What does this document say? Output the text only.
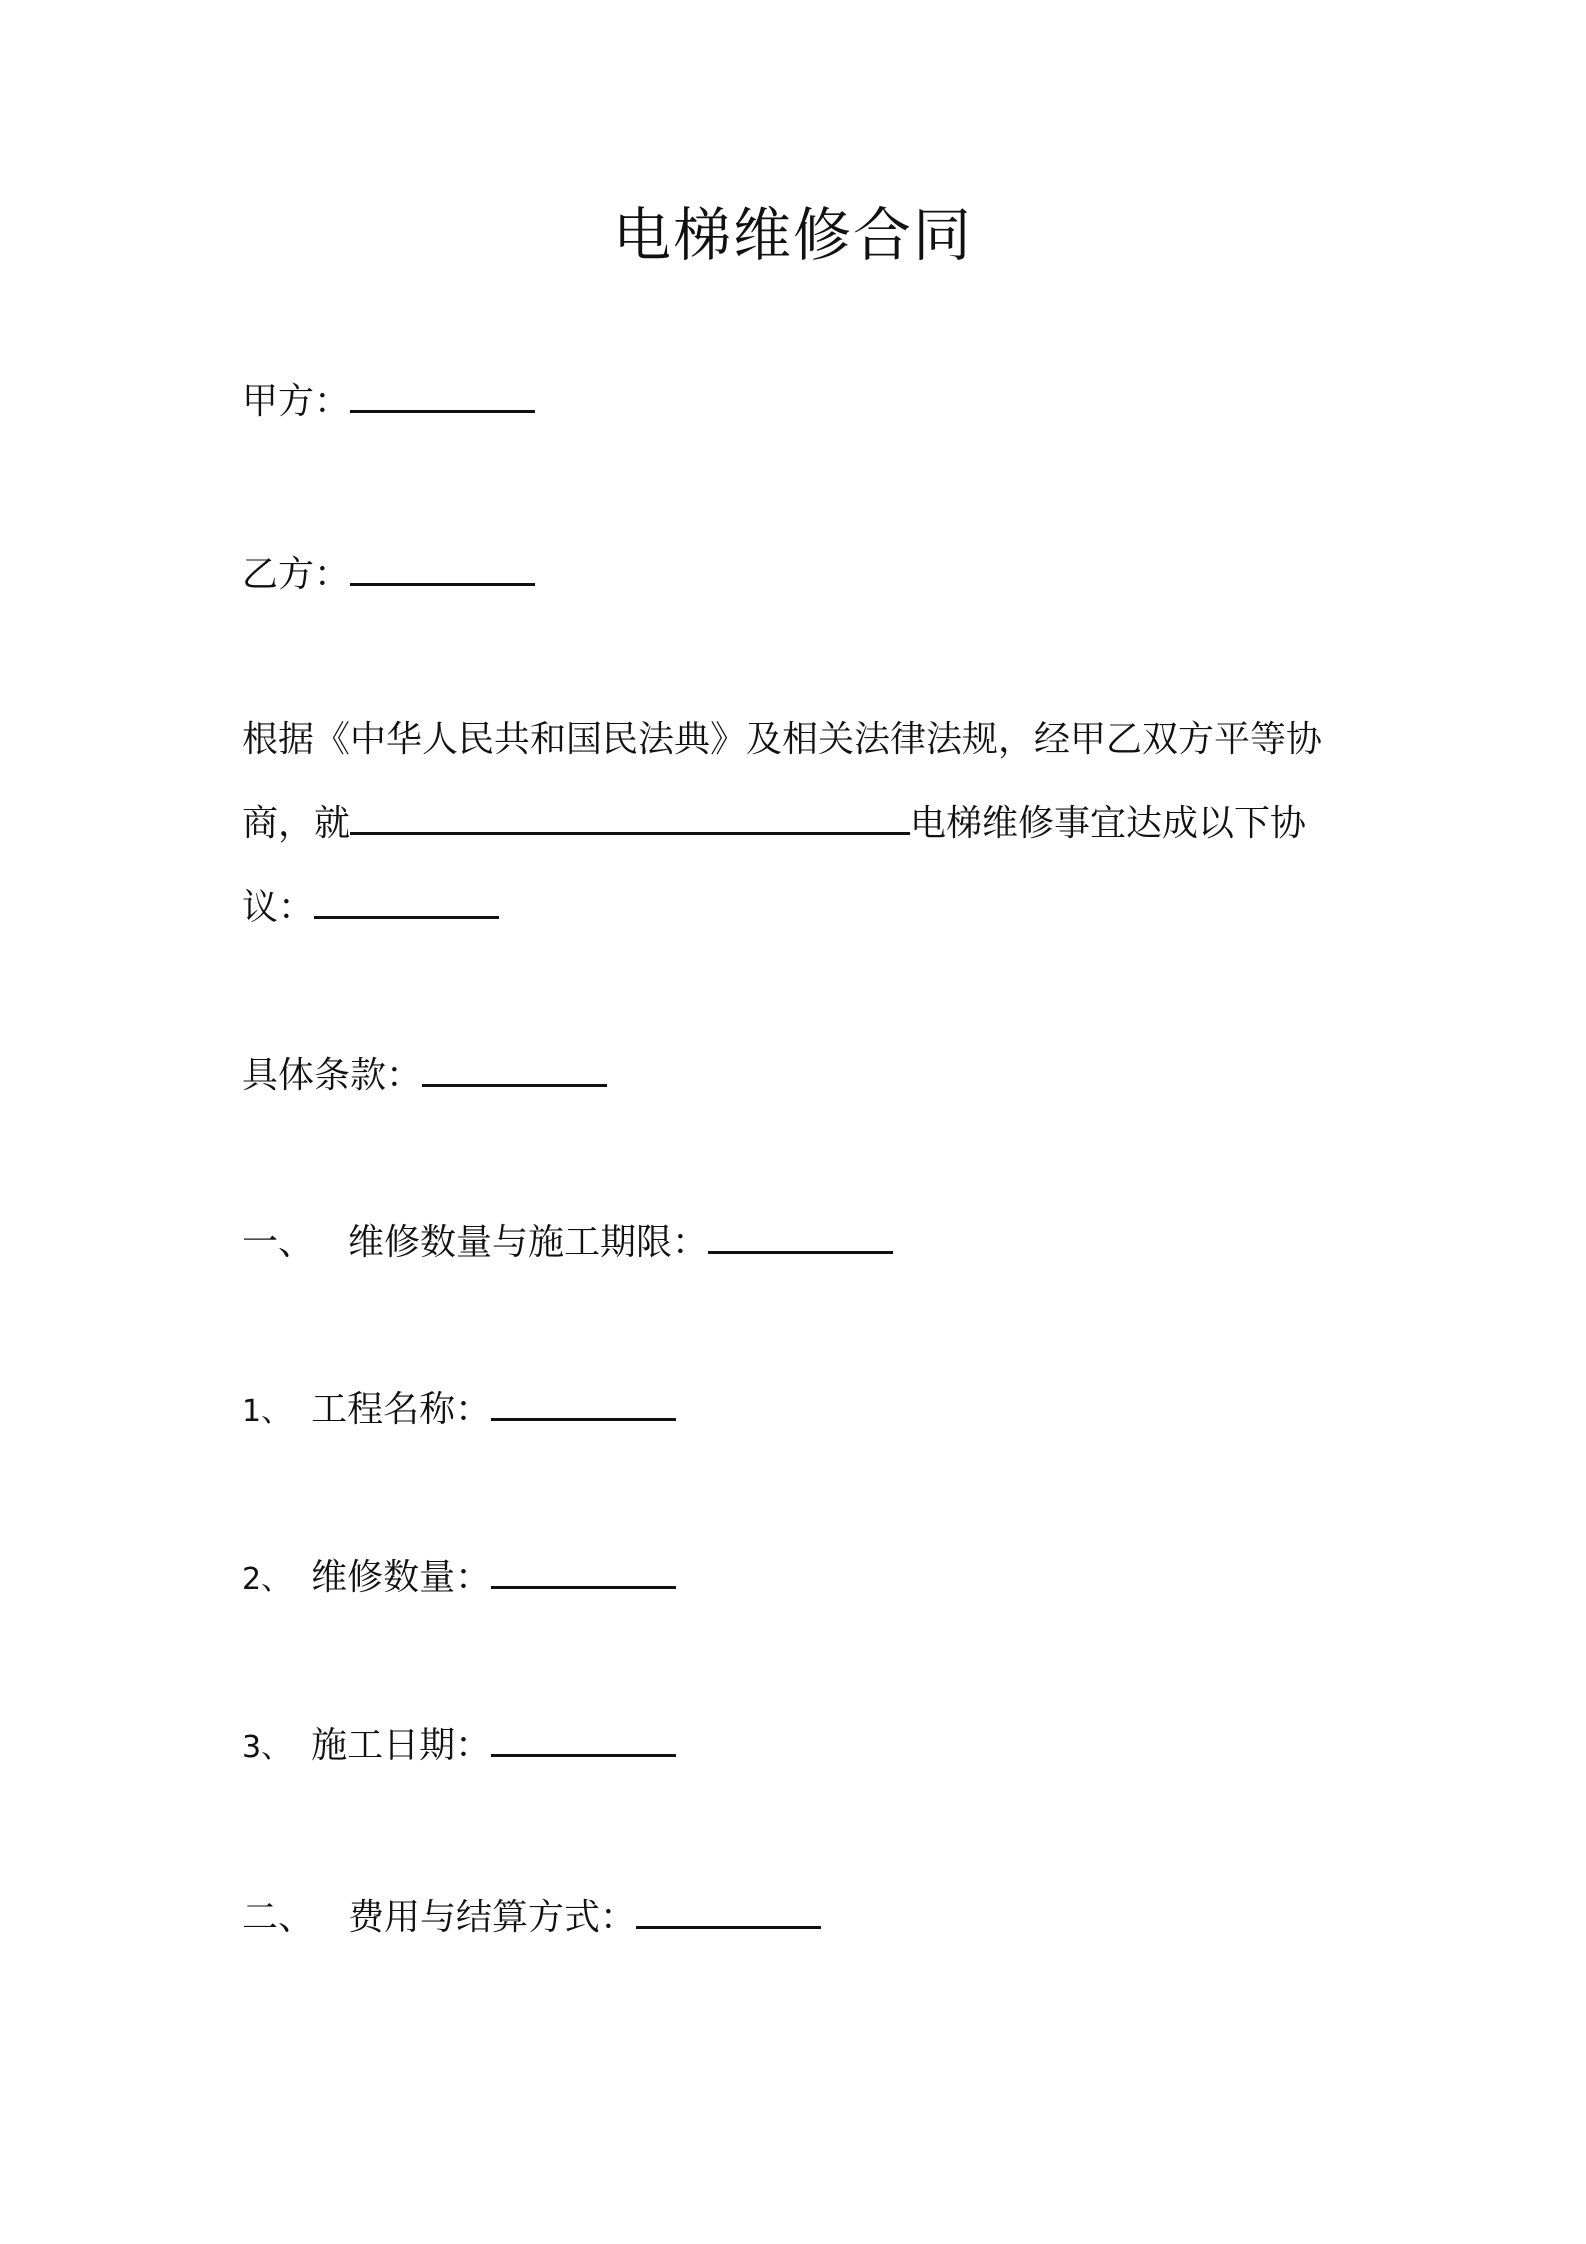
电梯维修合同
甲方：
乙方：
根据《中华人民共和国民法典》及相关法律法规，经甲乙双方平等协
商，就	电梯维修事宜达成以下协
议：
具体条款：
一、 维修数量与施工期限：
1、 工程名称：
2、 维修数量：
3、 施工日期：
二、 费用与结算方式：
